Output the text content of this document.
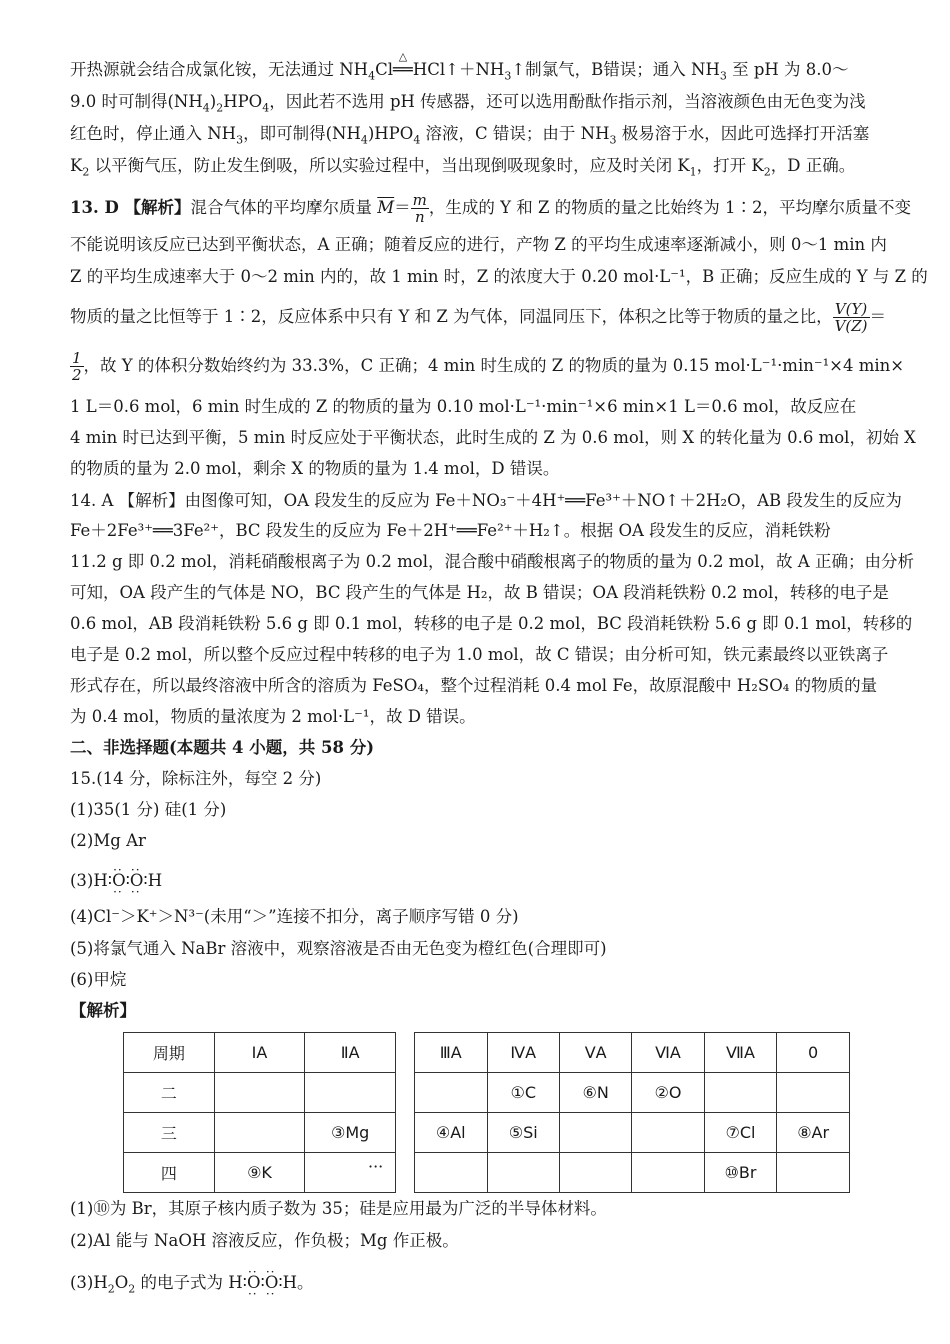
开热源就会结合成氯化铵，无法通过 $NH_4Cl$
△
$══HCl↑+NH_3↑$制氯气，B错误；通入 $NH_3$ 至 pH 为 8.0～
9.0 时可制得$(NH_4)_2HPO_4$，因此若不选用 pH 传感器，还可以选用酚酞作指示剂，当溶液颜色由无色变为浅
红色时，停止通入 $NH_3$，即可制得$(NH_4)HPO_4$ 溶液，C 错误；由于 $NH_3$ 极易溶于水，因此可选择打开活塞
$K_2$ 以平衡气压，防止发生倒吸，所以实验过程中，当出现倒吸现象时，应及时关闭 $K_1$，打开 $K_2$，D 正确。
13. D 【解析】混合气体的平均摩尔质量 $\overline{M}= \frac{m}{n}$ ，生成的 Y 和 Z 的物质的量之比始终为 1∶2，平均摩尔质量不变
不能说明该反应已达到平衡状态，A 正确；随着反应的进行，产物 Z 的平均生成速率逐渐减小，则 0～1 min 内
Z 的平均生成速率大于 0～2 min 内的，故 1 min 时，Z 的浓度大于 0.20 mol·L⁻¹，B 正确；反应生成的 Y 与 Z 的
物质的量之比恒等于 1∶2，反应体系中只有 Y 和 Z 为气体，同温同压下，体积之比等于物质的量之比， $\frac{V(Y)}{V(Z)}$ ＝
$\frac{1}{2}$ ，故 Y 的体积分数始终约为 33.3%，C 正确；4 min 时生成的 Z 的物质的量为 0.15 mol·L⁻¹·min⁻¹×4 min×
1 L＝0.6 mol，6 min 时生成的 Z 的物质的量为 0.10 mol·L⁻¹·min⁻¹×6 min×1 L＝0.6 mol，故反应在
4 min 时已达到平衡，5 min 时反应处于平衡状态，此时生成的 Z 为 0.6 mol，则 X 的转化量为 0.6 mol，初始 X
的物质的量为 2.0 mol，剩余 X 的物质的量为 1.4 mol，D 错误。
14. A 【解析】由图像可知，OA 段发生的反应为 Fe＋NO₃⁻＋4H⁺══Fe³⁺＋NO↑＋2H₂O，AB 段发生的反应为
Fe＋2Fe³⁺══3Fe²⁺，BC 段发生的反应为 Fe＋2H⁺══Fe²⁺＋H₂↑。根据 OA 段发生的反应，消耗铁粉
11.2 g 即 0.2 mol，消耗硝酸根离子为 0.2 mol，混合酸中硝酸根离子的物质的量为 0.2 mol，故 A 正确；由分析
可知，OA 段产生的气体是 NO，BC 段产生的气体是 H₂，故 B 错误；OA 段消耗铁粉 0.2 mol，转移的电子是
0.6 mol，AB 段消耗铁粉 5.6 g 即 0.1 mol，转移的电子是 0.2 mol，BC 段消耗铁粉 5.6 g 即 0.1 mol，转移的
电子是 0.2 mol，所以整个反应过程中转移的电子为 1.0 mol，故 C 错误；由分析可知，铁元素最终以亚铁离子
形式存在，所以最终溶液中所含的溶质为 FeSO₄，整个过程消耗 0.4 mol Fe，故原混酸中 H₂SO₄ 的物质的量
为 0.4 mol，物质的量浓度为 2 mol·L⁻¹，故 D 错误。
二、非选择题(本题共 4 小题，共 58 分)
15.(14 分，除标注外，每空 2 分)
(1)35(1 分) 硅(1 分)
(2)Mg Ar
(3)H∶·· O ··∶·· O ··∶H
(4)Cl⁻＞K⁺＞N³⁻(未用“＞”连接不扣分，离子顺序写错 0 分)
(5)将氯气通入 NaBr 溶液中，观察溶液是否由无色变为橙红色(合理即可)
(6)甲烷
【解析】
周期	ⅠA	ⅡA
二		
三		③Mg
四	⑨K		···
ⅢA	ⅣA	ⅤA	ⅥA	ⅦA	0
	①C	⑥N	②O		
④Al	⑤Si			⑦Cl	⑧Ar
				⑩Br	
(1)⑩为 Br，其原子核内质子数为 35；硅是应用最为广泛的半导体材料。
(2)Al 能与 NaOH 溶液反应，作负极；Mg 作正极。
$(3)H_2O_2$ 的电子式为 H∶·· O ··∶·· O ··∶H。
